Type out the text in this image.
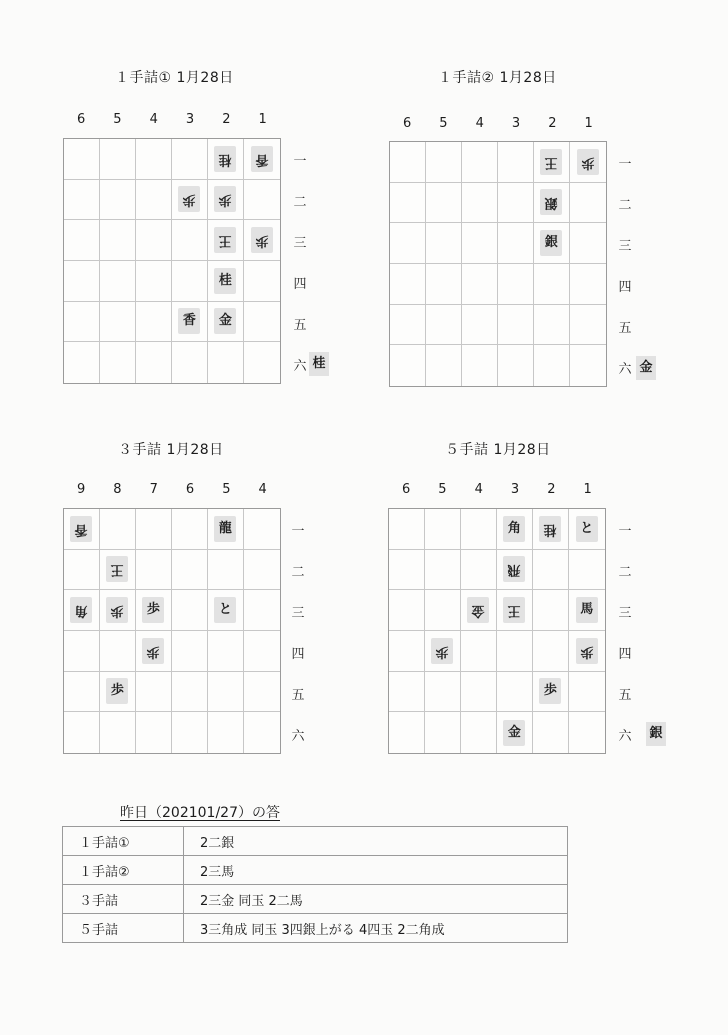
１手詰① 1月28日
6	5	4	3	2	1
一
二
三
四
五
六
桂	香
歩	歩
王	歩
桂
香	金
桂
１手詰② 1月28日
6	5	4	3	2	1
一
二
三
四
五
六
王	歩
銀
銀
金
３手詰 1月28日
9	8	7	6	5	4
一
二
三
四
五
六
香	龍
王
角	歩	歩	と
歩
歩
５手詰 1月28日
6	5	4	3	2	1
一
二
三
四
五
六
角	桂	と
飛
金	王	馬
歩	歩
歩
金	銀
昨日（202101/27）の答
１手詰①	2二銀
１手詰②	2三馬
３手詰	2三金 同玉 2二馬
５手詰	3三角成 同玉 3四銀上がる 4四玉 2二角成
